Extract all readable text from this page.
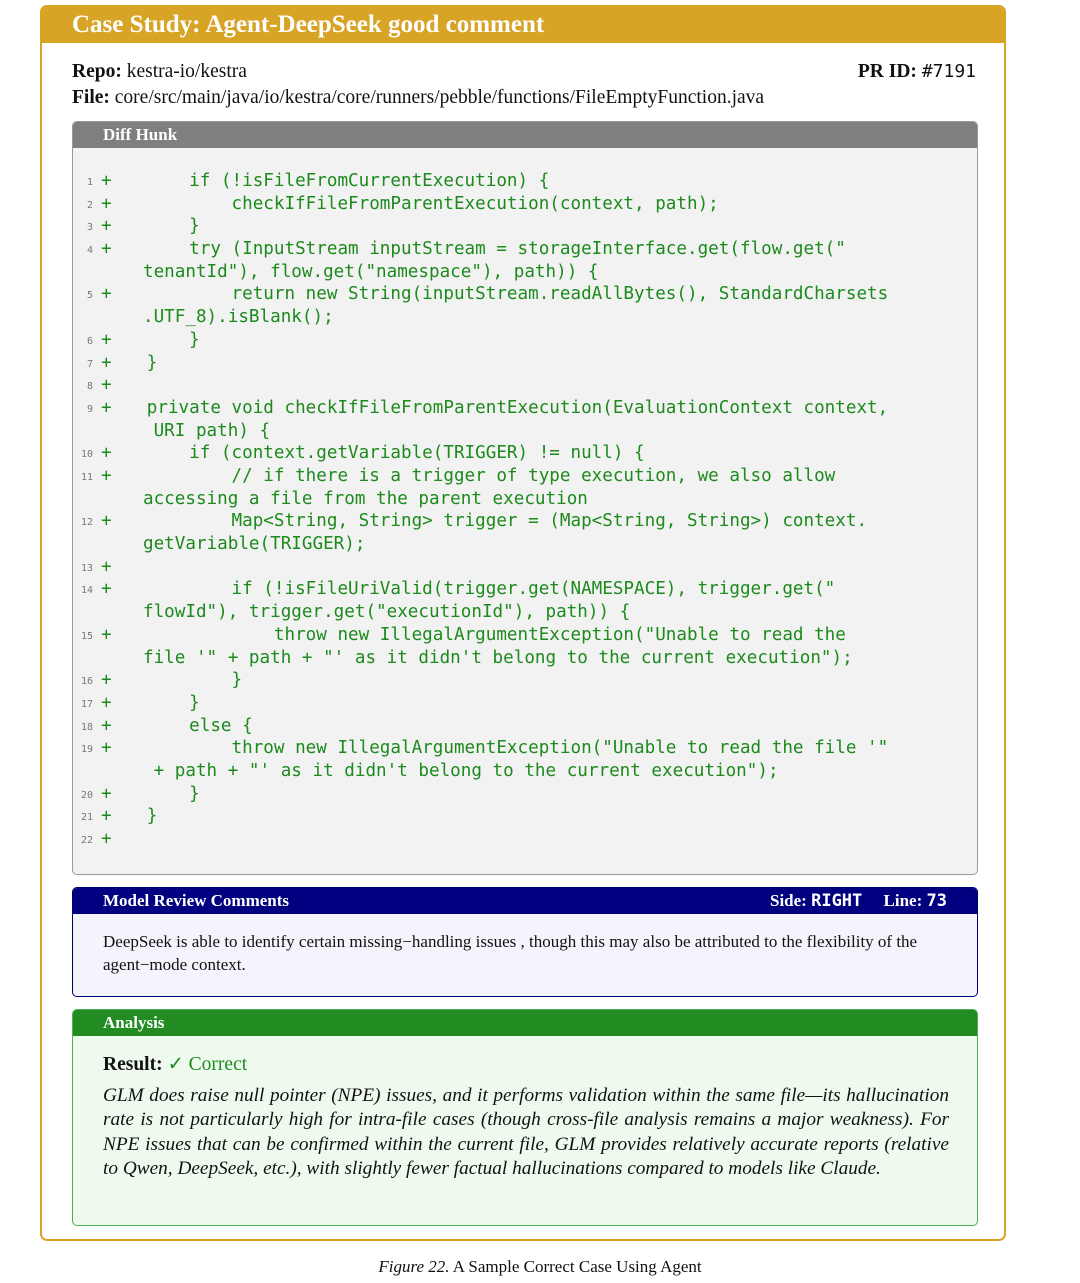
Case Study: Agent-DeepSeek good comment
Repo: kestra-io/kestra	PR ID: #7191
File: core/src/main/java/io/kestra/core/runners/pebble/functions/FileEmptyFunction.java
Diff Hunk
1 + if (!isFileFromCurrentExecution) {
2 + checkIfFileFromParentExecution(context, path);
3 + }
4 + try (InputStream inputStream = storageInterface.get(flow.get("
tenantId"), flow.get("namespace"), path)) {
5 + return new String(inputStream.readAllBytes(), StandardCharsets
.UTF_8).isBlank();
6 + }
7 + }
8 +
9 + private void checkIfFileFromParentExecution(EvaluationContext context,
URI path) {
10 + if (context.getVariable(TRIGGER) != null) {
11 + // if there is a trigger of type execution, we also allow
accessing a file from the parent execution
12 + Map<String, String> trigger = (Map<String, String>) context.
getVariable(TRIGGER);
13 +
14 + if (!isFileUriValid(trigger.get(NAMESPACE), trigger.get("
flowId"), trigger.get("executionId"), path)) {
15 + throw new IllegalArgumentException("Unable to read the
file '" + path + "' as it didn't belong to the current execution");
16 + }
17 + }
18 + else {
19 + throw new IllegalArgumentException("Unable to read the file '"
+ path + "' as it didn't belong to the current execution");
20 + }
21 + }
22 +
Model Review Comments	Side: RIGHT Line: 73
DeepSeek is able to identify certain missing−handling issues , though this may also be attributed to the flexibility of the agent−mode context.
Analysis
Result: ✓ Correct
GLM does raise null pointer (NPE) issues, and it performs validation within the same file—its hallucination rate is not particularly high for intra-file cases (though cross-file analysis remains a major weakness). For NPE issues that can be confirmed within the current file, GLM provides relatively accurate reports (relative to Qwen, DeepSeek, etc.), with slightly fewer factual hallucinations compared to models like Claude.
Figure 22. A Sample Correct Case Using Agent
